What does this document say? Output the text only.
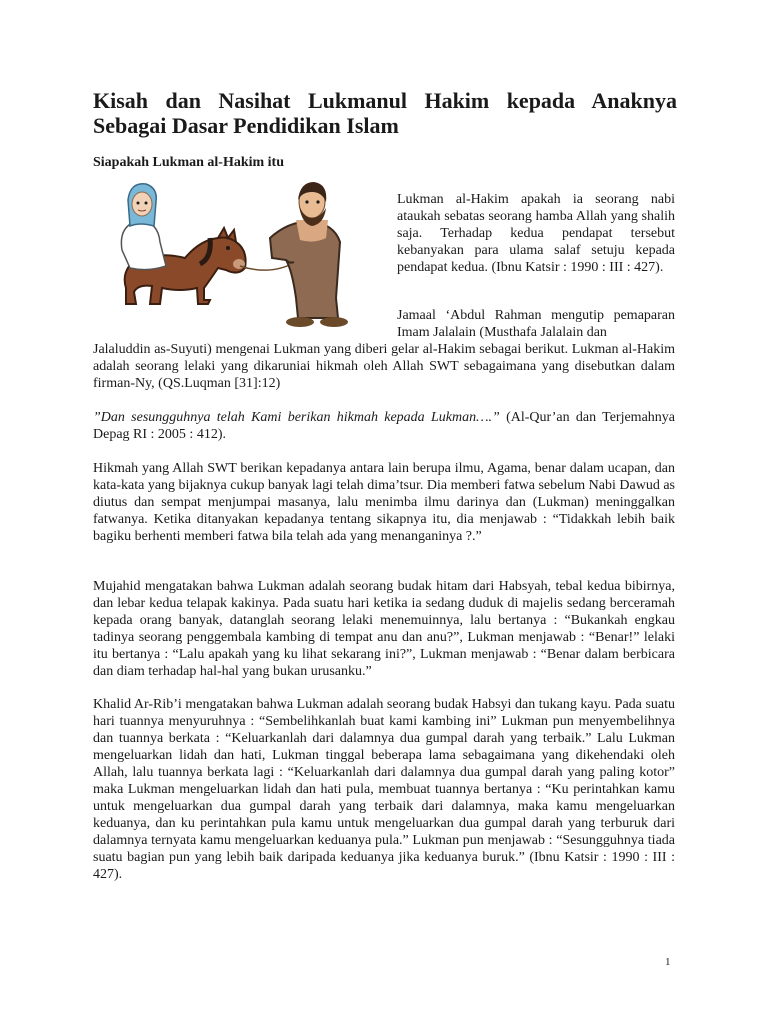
Kisah dan Nasihat Lukmanul Hakim kepada Anaknya Sebagai Dasar Pendidikan Islam
Siapakah Lukman al-Hakim itu

Lukman al-Hakim apakah ia seorang nabi ataukah sebatas seorang hamba Allah yang shalih saja. Terhadap kedua pendapat tersebut kebanyakan para ulama salaf setuju kepada pendapat kedua. (Ibnu Katsir : 1990 : III : 427).

Jamaal ‘Abdul Rahman mengutip pemaparan Imam Jalalain (Musthafa Jalalain dan

Jalaluddin as-Suyuti) mengenai Lukman yang diberi gelar al-Hakim sebagai berikut. Lukman al-Hakim adalah seorang lelaki yang dikaruniai hikmah oleh Allah SWT sebagaimana yang disebutkan dalam firman-Ny, (QS.Luqman [31]:12)

”Dan sesungguhnya telah Kami berikan hikmah kepada Lukman….” (Al-Qur’an dan Terjemahnya Depag RI : 2005 : 412).

Hikmah yang Allah SWT berikan kepadanya antara lain berupa ilmu, Agama, benar dalam ucapan, dan kata-kata yang bijaknya cukup banyak lagi telah dima’tsur. Dia memberi fatwa sebelum Nabi Dawud as diutus dan sempat menjumpai masanya, lalu menimba ilmu darinya dan (Lukman) meninggalkan fatwanya. Ketika ditanyakan kepadanya tentang sikapnya itu, dia menjawab : “Tidakkah lebih baik bagiku berhenti memberi fatwa bila telah ada yang menanganinya ?.”

Mujahid mengatakan bahwa Lukman adalah seorang budak hitam dari Habsyah, tebal kedua bibirnya, dan lebar kedua telapak kakinya. Pada suatu hari ketika ia sedang duduk di majelis sedang berceramah kepada orang banyak, datanglah seorang lelaki menemuinnya, lalu bertanya : “Bukankah engkau tadinya seorang penggembala kambing di tempat anu dan anu?”, Lukman menjawab : “Benar!” lelaki itu bertanya : “Lalu apakah yang ku lihat sekarang ini?”, Lukman menjawab : “Benar dalam berbicara dan diam terhadap hal-hal yang bukan urusanku.”

Khalid Ar-Rib’i mengatakan bahwa Lukman adalah seorang budak Habsyi dan tukang kayu. Pada suatu hari tuannya menyuruhnya : “Sembelihkanlah buat kami kambing ini” Lukman pun menyembelihnya dan tuannya berkata : “Keluarkanlah dari dalamnya dua gumpal darah yang terbaik.” Lalu Lukman mengeluarkan lidah dan hati, Lukman tinggal beberapa lama sebagaimana yang dikehendaki oleh Allah, lalu tuannya berkata lagi : “Keluarkanlah dari dalamnya dua gumpal darah yang paling kotor” maka Lukman mengeluarkan lidah dan hati pula, membuat tuannya bertanya : “Ku perintahkan kamu untuk mengeluarkan dua gumpal darah yang terbaik dari dalamnya, maka kamu mengeluarkan keduanya, dan ku perintahkan pula kamu untuk mengeluarkan dua gumpal darah yang terburuk dari dalamnya ternyata kamu mengeluarkan keduanya pula.” Lukman pun menjawab : “Sesungguhnya tiada suatu bagian pun yang lebih baik daripada keduanya jika keduanya buruk.” (Ibnu Katsir : 1990 : III : 427).

1
